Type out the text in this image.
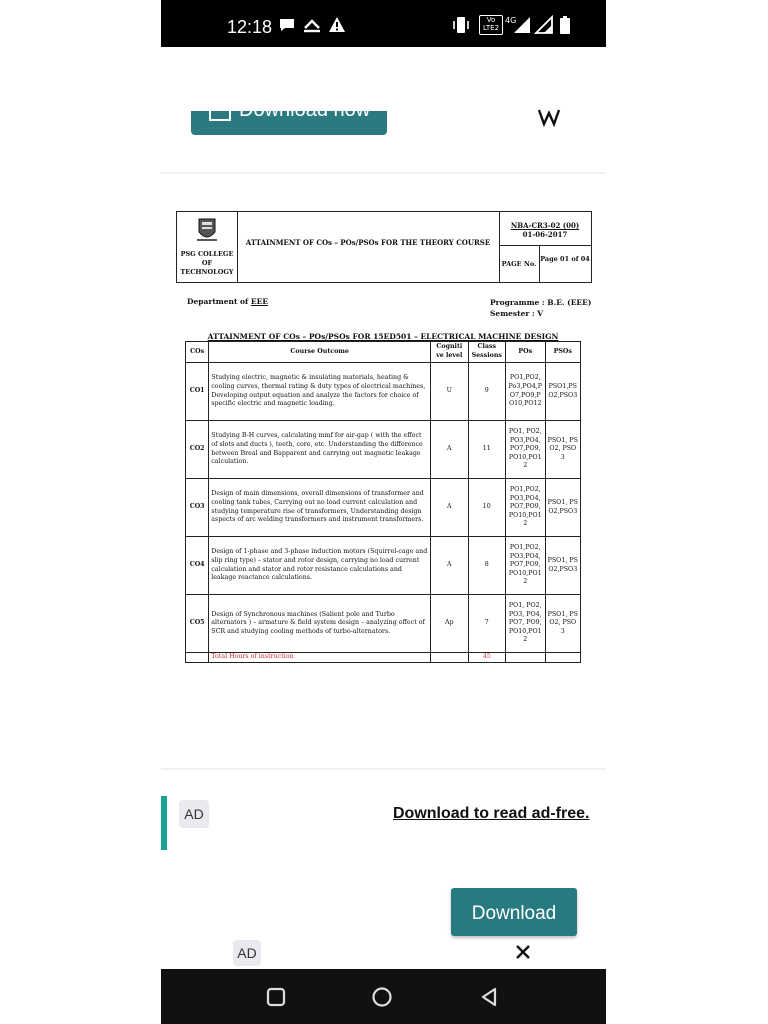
12:18	Vo
LTE2
4G
Download now
PSG COLLEGE OF TECHNOLOGY
ATTAINMENT OF COs – POs/PSOs FOR THE THEORY COURSE
NBA-CR3-02 (00)
01-06-2017
PAGE No.
Page 01 of 04
Department of EEE	Programme : B.E. (EEE)
Semester : V
ATTAINMENT OF COs – POs/PSOs FOR 15ED501 – ELECTRICAL MACHINE DESIGN
COs	Course Outcome	Cogniti ve level	Class Sessions	POs	PSOs
CO1	Studying electric, magnetic & insulating materials, heating & cooling curves, thermal rating & duty types of electrical machines, Developing output equation and analyze the factors for choice of specific electric and magnetic loading.	U	9	PO1,PO2,Po3,PO4,PO7,PO9,PO10,PO12	PSO1,PSO2,PSO3
CO2	Studying B-H curves, calculating mmf for air-gap ( with the effect of slots and ducts ), teeth, core, etc. Understanding the difference between Breal and Bapparent and carrying out magnetic leakage calculation.	A	11	PO1, PO2, PO3,PO4,PO7,PO9,PO10,PO12	PSO1, PSO2, PSO3
CO3	Design of main dimensions, overall dimensions of transformer and cooling tank tubes, Carrying out no load current calculation and studying temperature rise of transformers, Understanding design aspects of arc welding transformers and instrument transformers.	A	10	PO1,PO2, PO3,PO4,PO7,PO9,PO10,PO12	PSO1, PSO2,PSO3
CO4	Design of 1-phase and 3-phase induction motors (Squirrel-cage and slip ring type) – stator and rotor design, carrying no load current calculation and stator and rotor resistance calculations and leakage reactance calculations.	A	8	PO1,PO2,PO3,PO4,PO7,PO9,PO10,PO12	PSO1, PSO2,PSO3
CO5	Design of Synchronous machines (Salient pole and Turbo alternators ) – armature & field system design – analyzing effect of SCR and studying cooling methods of turbo-alternators.	Ap	7	PO1, PO2, PO3, PO4, PO7, PO9, PO10,PO12	PSO1, PSO2, PSO3
	Total Hours of instruction		45		
AD	Download to read ad-free.
Download
AD
